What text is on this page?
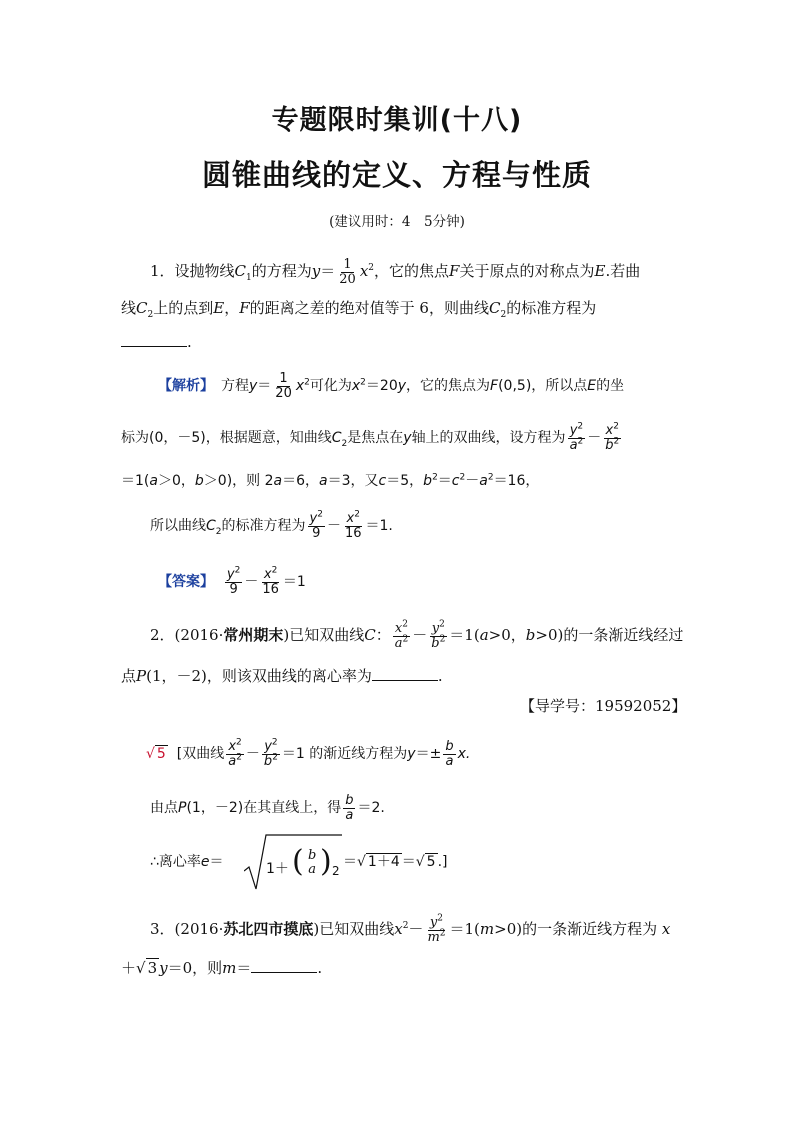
专题限时集训(十八)
圆锥曲线的定义、方程与性质
(建议用时：4　5分钟)
1．设抛物线$C_1$的方程为$y= \frac{1}{20} x^2$，它的焦点F关于原点的对称点为E.若曲
线$C_2$上的点到E，F的距离之差的绝对值等于 6，则曲线$C_2$的标准方程为
.
【解析】　方程$y= \frac{1}{20} x^2$可化为$x^2=20y$，它的焦点为F(0,5)，所以点E的坐
标为(0，－5)，根据题意，知曲线$C_2$是焦点在y轴上的双曲线，设方程为 $\frac{y^2}{a^2} - \frac{x^2}{b^2}$
＝1(a＞0，b＞0)，则 2a＝6，a＝3，又c＝5，$b^2=c^2-a^2=16$，
所以曲线$C_2$的标准方程为 $\frac{y^2}{9} - \frac{x^2}{16} =1$.
【答案】 $\frac{y^2}{9} - \frac{x^2}{16} =1$
2．(2016·常州期末)已知双曲线C： $\frac{x^2}{a^2} - \frac{y^2}{b^2} =1(a>0$，b>0)的一条渐近线经过
点P(1，－2)，则该双曲线的离心率为	.
【导学号：19592052】
√ 5 [双曲线 $\frac{x^2}{a^2} - \frac{y^2}{b^2} =1$ 的渐近线方程为$y=\pm \frac{b}{a} x$.
由点P(1，－2)在其直线上，得 $\frac{b}{a} =2$.
∴离心率e＝	1＋ ( b
a ) 2
＝√ 1＋4 ＝√ 5 .]
3．(2016·苏北四市摸底)已知双曲线$x^2- \frac{y^2}{m^2} =1(m>0)$的一条渐近线方程为 x
＋√ 3 y＝0，则m＝	.
